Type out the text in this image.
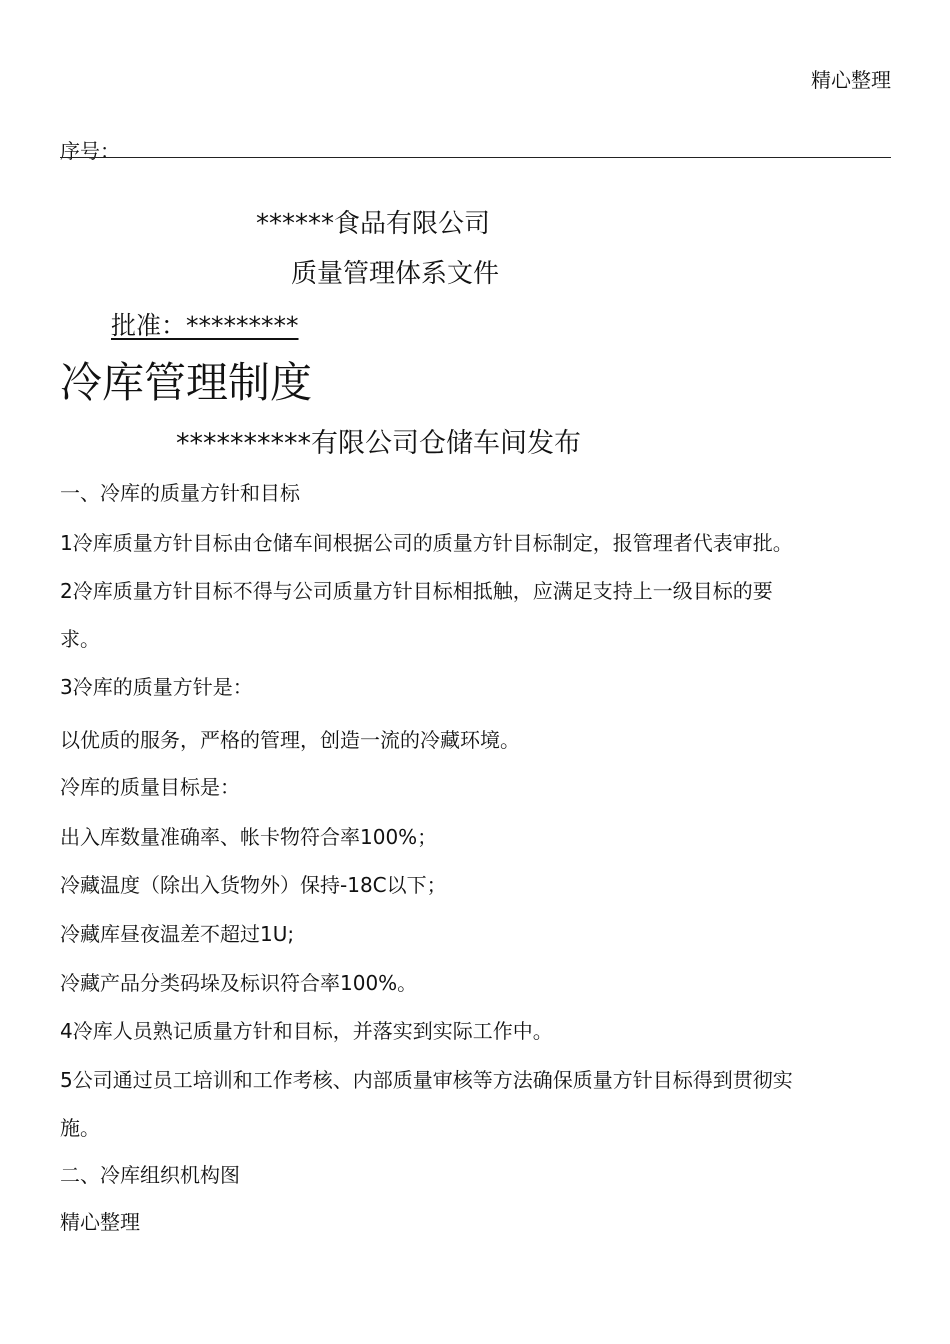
精心整理
序号：
******食品有限公司
质量管理体系文件
批准：*********
冷库管理制度
**********有限公司仓储车间发布
一、冷库的质量方针和目标
1冷库质量方针目标由仓储车间根据公司的质量方针目标制定，报管理者代表审批。
2冷库质量方针目标不得与公司质量方针目标相抵触，应满足支持上一级目标的要
求。
3冷库的质量方针是：
以优质的服务，严格的管理，创造一流的冷藏环境。
冷库的质量目标是：
出入库数量准确率、帐卡物符合率100%；
冷藏温度（除出入货物外）保持-18C以下；
冷藏库昼夜温差不超过1U;
冷藏产品分类码垛及标识符合率100%。
4冷库人员熟记质量方针和目标，并落实到实际工作中。
5公司通过员工培训和工作考核、内部质量审核等方法确保质量方针目标得到贯彻实
施。
二、冷库组织机构图
精心整理
